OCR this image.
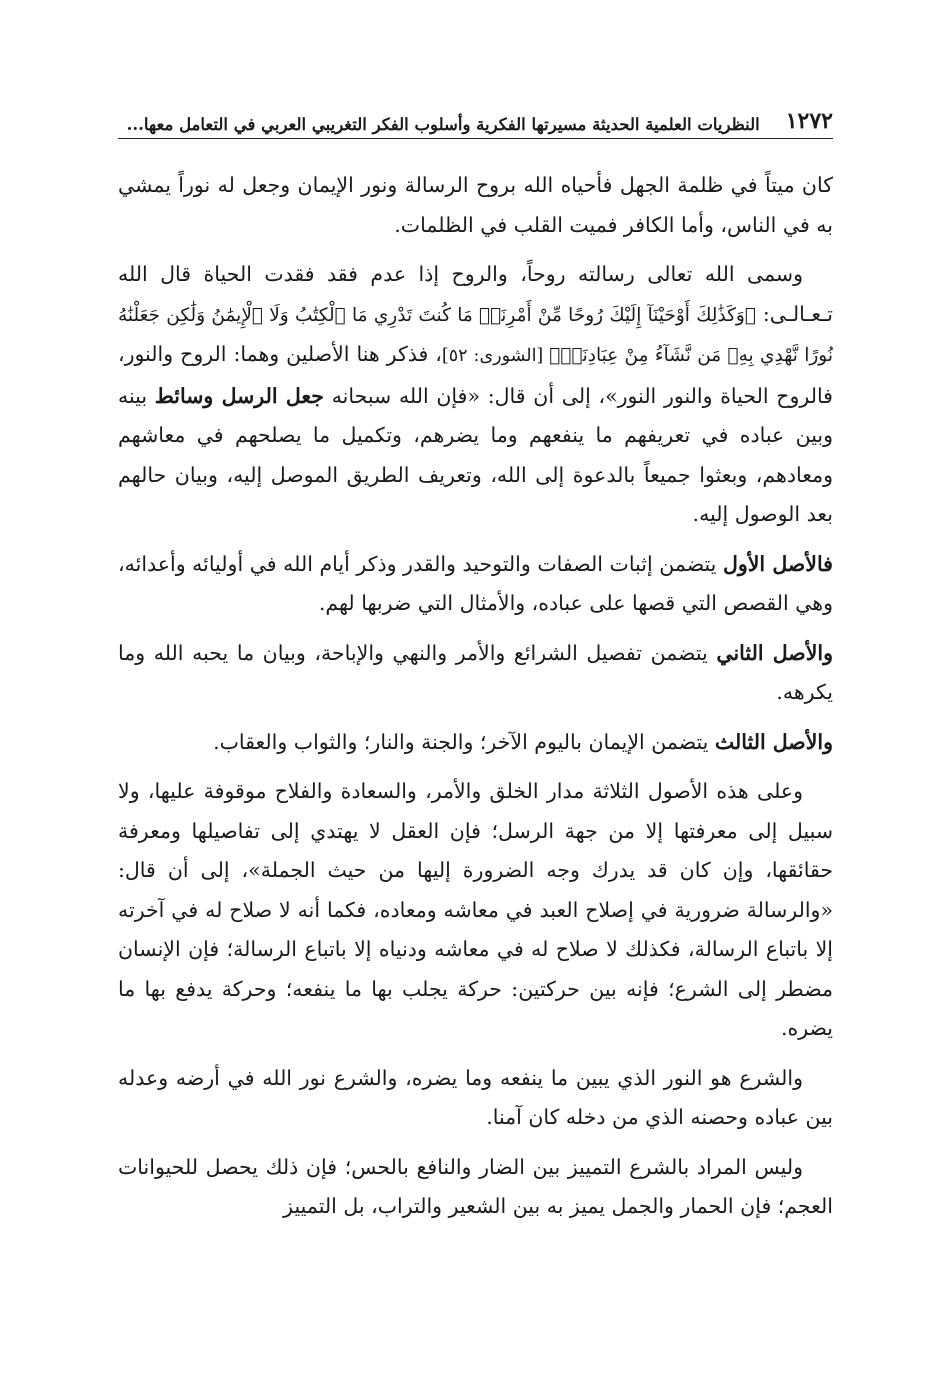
١٢٧٢
النظريات العلمية الحديثة مسيرتها الفكرية وأسلوب الفكر التغريبي العربي في التعامل معها...

كان ميتاً في ظلمة الجهل فأحياه الله بروح الرسالة ونور الإيمان وجعل له نوراً يمشي به في الناس، وأما الكافر فميت القلب في الظلمات.

وسمى الله تعالى رسالته روحاً، والروح إذا عدم فقد فقدت الحياة قال الله تـعـالـى: ﴿وَكَذَٰلِكَ أَوْحَيْنَآ إِلَيْكَ رُوحًا مِّنْ أَمْرِنَاۚ مَا كُنتَ تَدْرِي مَا ٱلْكِتَٰبُ وَلَا ٱلْإِيمَٰنُ وَلَٰكِن جَعَلْنَٰهُ نُورًا نَّهْدِي بِهِۦ مَن نَّشَآءُ مِنْ عِبَادِنَاۚ﴾ [الشورى: ٥٢]، فذكر هنا الأصلين وهما: الروح والنور، فالروح الحياة والنور النور»، إلى أن قال: «فإن الله سبحانه جعل الرسل وسائط بينه وبين عباده في تعريفهم ما ينفعهم وما يضرهم، وتكميل ما يصلحهم في معاشهم ومعادهم، وبعثوا جميعاً بالدعوة إلى الله، وتعريف الطريق الموصل إليه، وبيان حالهم بعد الوصول إليه.

فالأصل الأول يتضمن إثبات الصفات والتوحيد والقدر وذكر أيام الله في أوليائه وأعدائه، وهي القصص التي قصها على عباده، والأمثال التي ضربها لهم.

والأصل الثاني يتضمن تفصيل الشرائع والأمر والنهي والإباحة، وبيان ما يحبه الله وما يكرهه.

والأصل الثالث يتضمن الإيمان باليوم الآخر؛ والجنة والنار؛ والثواب والعقاب.

وعلى هذه الأصول الثلاثة مدار الخلق والأمر، والسعادة والفلاح موقوفة عليها، ولا سبيل إلى معرفتها إلا من جهة الرسل؛ فإن العقل لا يهتدي إلى تفاصيلها ومعرفة حقائقها، وإن كان قد يدرك وجه الضرورة إليها من حيث الجملة»، إلى أن قال: «والرسالة ضرورية في إصلاح العبد في معاشه ومعاده، فكما أنه لا صلاح له في آخرته إلا باتباع الرسالة، فكذلك لا صلاح له في معاشه ودنياه إلا باتباع الرسالة؛ فإن الإنسان مضطر إلى الشرع؛ فإنه بين حركتين: حركة يجلب بها ما ينفعه؛ وحركة يدفع بها ما يضره.

والشرع هو النور الذي يبين ما ينفعه وما يضره، والشرع نور الله في أرضه وعدله بين عباده وحصنه الذي من دخله كان آمنا.

وليس المراد بالشرع التمييز بين الضار والنافع بالحس؛ فإن ذلك يحصل للحيوانات العجم؛ فإن الحمار والجمل يميز به بين الشعير والتراب، بل التمييز
